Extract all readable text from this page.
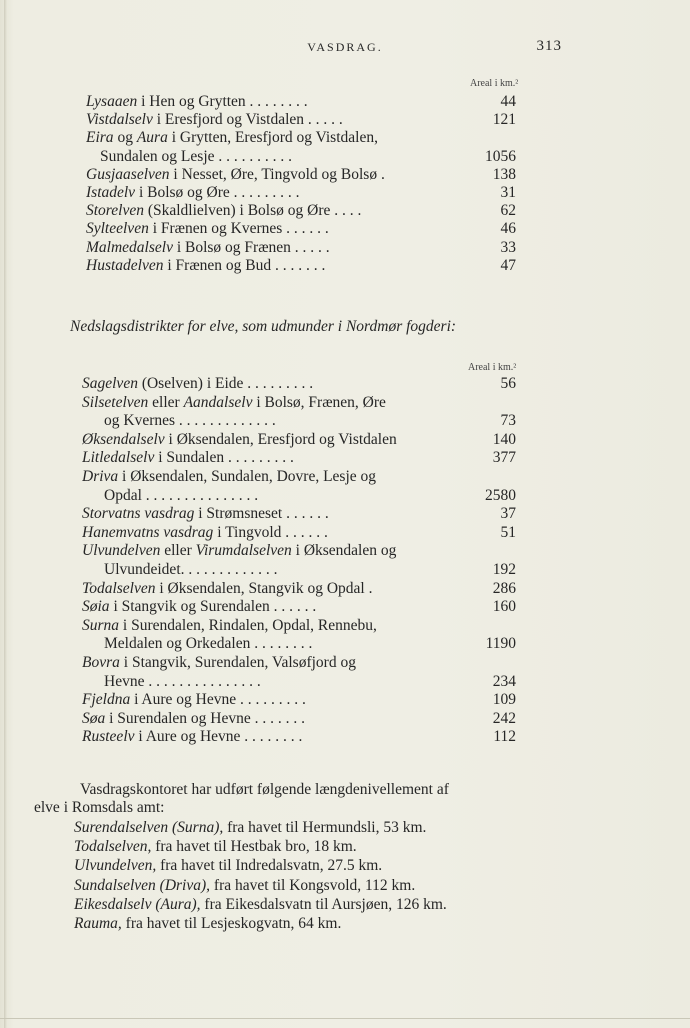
VASDRAG.	313
Areal i km.²
Lysaaen i Hen og Grytten . . . . . . . .	44
Vistdalselv i Eresfjord og Vistdalen . . . . .	121
Eira og Aura i Grytten, Eresfjord og Vistdalen,
Sundalen og Lesje . . . . . . . . . .	1056
Gusjaaselven i Nesset, Øre, Tingvold og Bolsø .	138
Istadelv i Bolsø og Øre . . . . . . . . .	31
Storelven (Skaldlielven) i Bolsø og Øre . . . .	62
Sylteelven i Frænen og Kvernes . . . . . .	46
Malmedalselv i Bolsø og Frænen . . . . .	33
Hustadelven i Frænen og Bud . . . . . . .	47
Nedslagsdistrikter for elve, som udmunder i Nordmør fogderi:
Areal i km.²
Sagelven (Oselven) i Eide . . . . . . . . .	56
Silsetelven eller Aandalselv i Bolsø, Frænen, Øre
og Kvernes . . . . . . . . . . . . .	73
Øksendalselv i Øksendalen, Eresfjord og Vistdalen	140
Litledalselv i Sundalen . . . . . . . . .	377
Driva i Øksendalen, Sundalen, Dovre, Lesje og
Opdal . . . . . . . . . . . . . . .	2580
Storvatns vasdrag i Strømsneset . . . . . .	37
Hanemvatns vasdrag i Tingvold . . . . . .	51
Ulvundelven eller Virumdalselven i Øksendalen og
Ulvundeidet. . . . . . . . . . . . .	192
Todalselven i Øksendalen, Stangvik og Opdal .	286
Søia i Stangvik og Surendalen . . . . . .	160
Surna i Surendalen, Rindalen, Opdal, Rennebu,
Meldalen og Orkedalen . . . . . . . .	1190
Bovra i Stangvik, Surendalen, Valsøfjord og
Hevne . . . . . . . . . . . . . . .	234
Fjeldna i Aure og Hevne . . . . . . . . .	109
Søa i Surendalen og Hevne . . . . . . .	242
Rusteelv i Aure og Hevne . . . . . . . .	112
Vasdragskontoret har udført følgende længdenivellement af
elve i Romsdals amt:
Surendalselven (Surna), fra havet til Hermundsli, 53 km.
Todalselven, fra havet til Hestbak bro, 18 km.
Ulvundelven, fra havet til Indredalsvatn, 27.5 km.
Sundalselven (Driva), fra havet til Kongsvold, 112 km.
Eikesdalselv (Aura), fra Eikesdalsvatn til Aursjøen, 126 km.
Rauma, fra havet til Lesjeskogvatn, 64 km.
